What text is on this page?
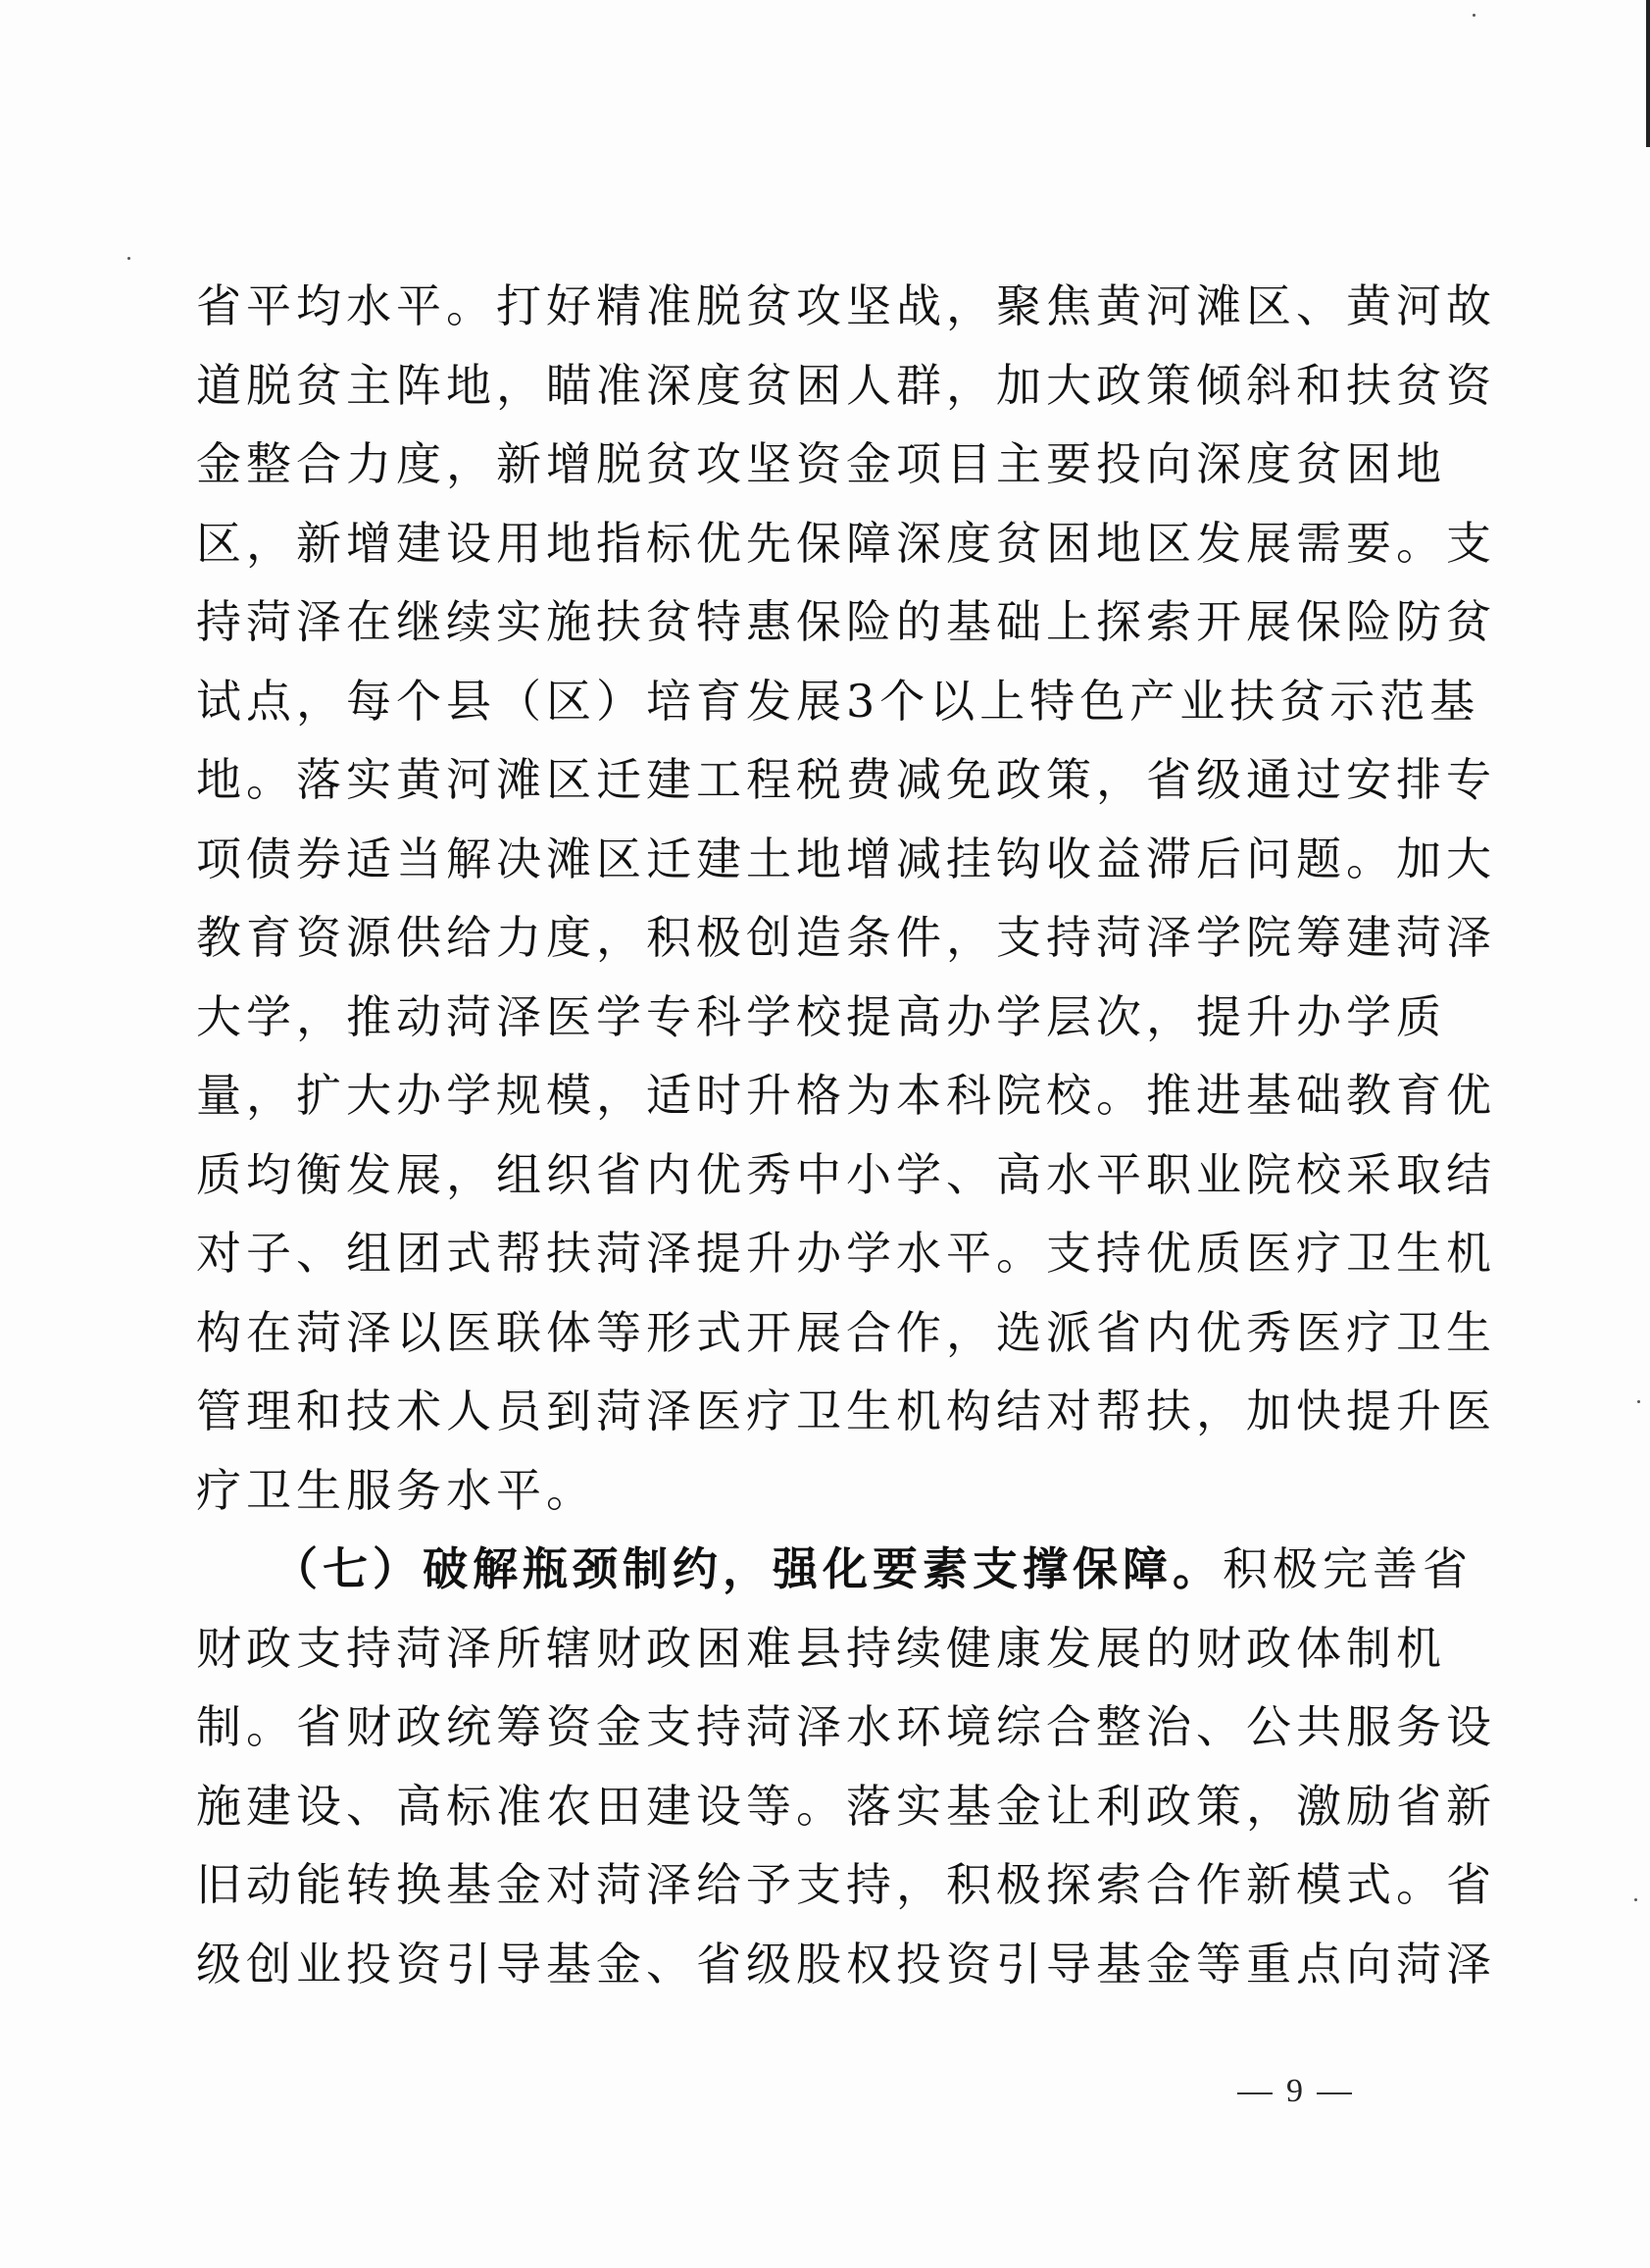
省平均水平。打好精准脱贫攻坚战，聚焦黄河滩区、黄河故
道脱贫主阵地，瞄准深度贫困人群，加大政策倾斜和扶贫资
金整合力度，新增脱贫攻坚资金项目主要投向深度贫困地
区，新增建设用地指标优先保障深度贫困地区发展需要。支
持菏泽在继续实施扶贫特惠保险的基础上探索开展保险防贫
试点，每个县（区）培育发展3个以上特色产业扶贫示范基
地。落实黄河滩区迁建工程税费减免政策，省级通过安排专
项债券适当解决滩区迁建土地增减挂钩收益滞后问题。加大
教育资源供给力度，积极创造条件，支持菏泽学院筹建菏泽
大学，推动菏泽医学专科学校提高办学层次，提升办学质
量，扩大办学规模，适时升格为本科院校。推进基础教育优
质均衡发展，组织省内优秀中小学、高水平职业院校采取结
对子、组团式帮扶菏泽提升办学水平。支持优质医疗卫生机
构在菏泽以医联体等形式开展合作，选派省内优秀医疗卫生
管理和技术人员到菏泽医疗卫生机构结对帮扶，加快提升医
疗卫生服务水平。
（七）破解瓶颈制约，强化要素支撑保障。积极完善省
财政支持菏泽所辖财政困难县持续健康发展的财政体制机
制。省财政统筹资金支持菏泽水环境综合整治、公共服务设
施建设、高标准农田建设等。落实基金让利政策，激励省新
旧动能转换基金对菏泽给予支持，积极探索合作新模式。省
级创业投资引导基金、省级股权投资引导基金等重点向菏泽
9
